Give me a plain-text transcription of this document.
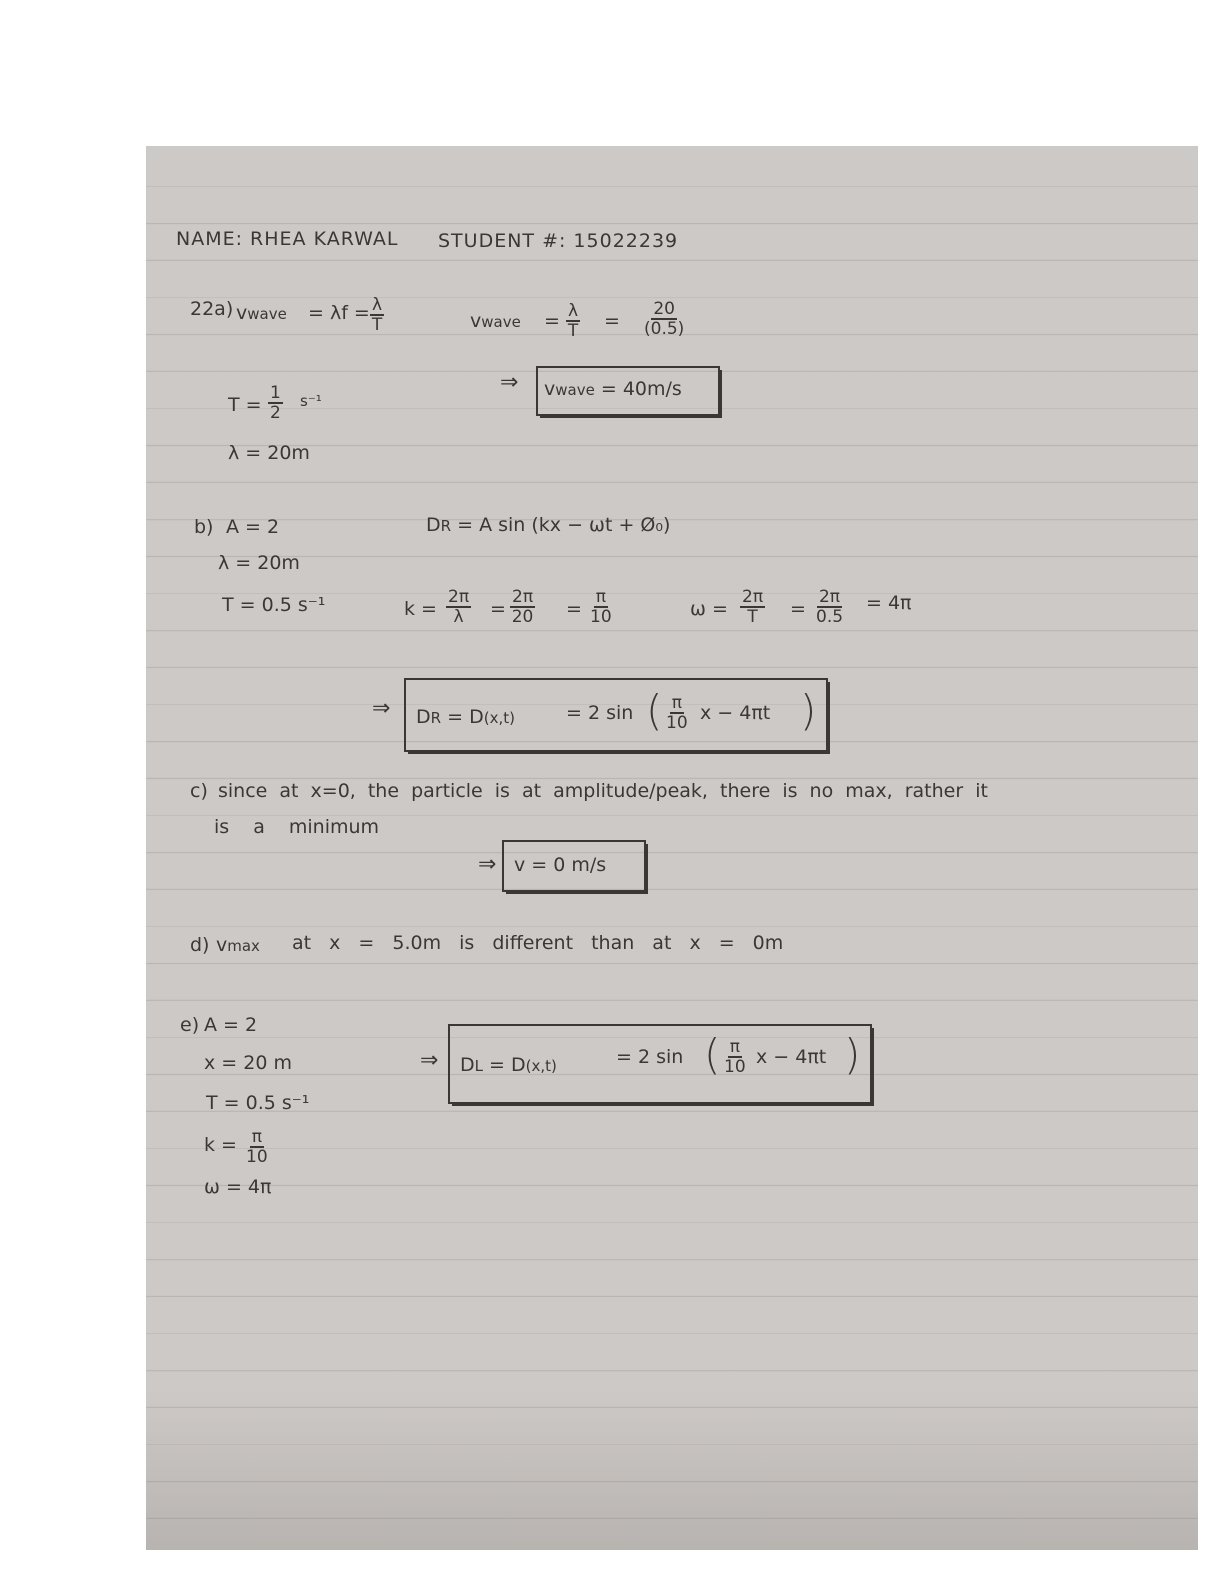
NAME: RHEA KARWAL STUDENT #: 15022239
22a) vwave = $\lambda f = \frac{\lambda}{T}$	vwave = $\frac{\lambda}{T} = \frac{20}{(0.5)}$
$T = \frac{1}{2} s^{-1}$
⇒ vwave = 40m/s
λ = 20m
b) A = 2
λ = 20m
T = 0.5 s⁻¹
DR = A sin (kx − ωt + Ø₀)
$k = \frac{2\pi}{\lambda} = \frac{2\pi}{20} = \frac{\pi}{10}$	$\omega = \frac{2\pi}{T} = \frac{2\pi}{0.5} = 4\pi$
⇒ DR = D(x,t)	= 2 sin ( $\frac{\pi}{10}$ x − 4πt )
c) since at x=0, the particle is at amplitude/peak, there is no max, rather it
is a minimum
⇒ v = 0 m/s
d) vmax at x = 5.0m is different than at x = 0m
e) A = 2
x = 20 m
T = 0.5 s⁻¹
$k = \frac{\pi}{10}$
ω = 4π
⇒ DL = D(x,t)	= 2 sin ( $\frac{\pi}{10}$ x − 4πt )
